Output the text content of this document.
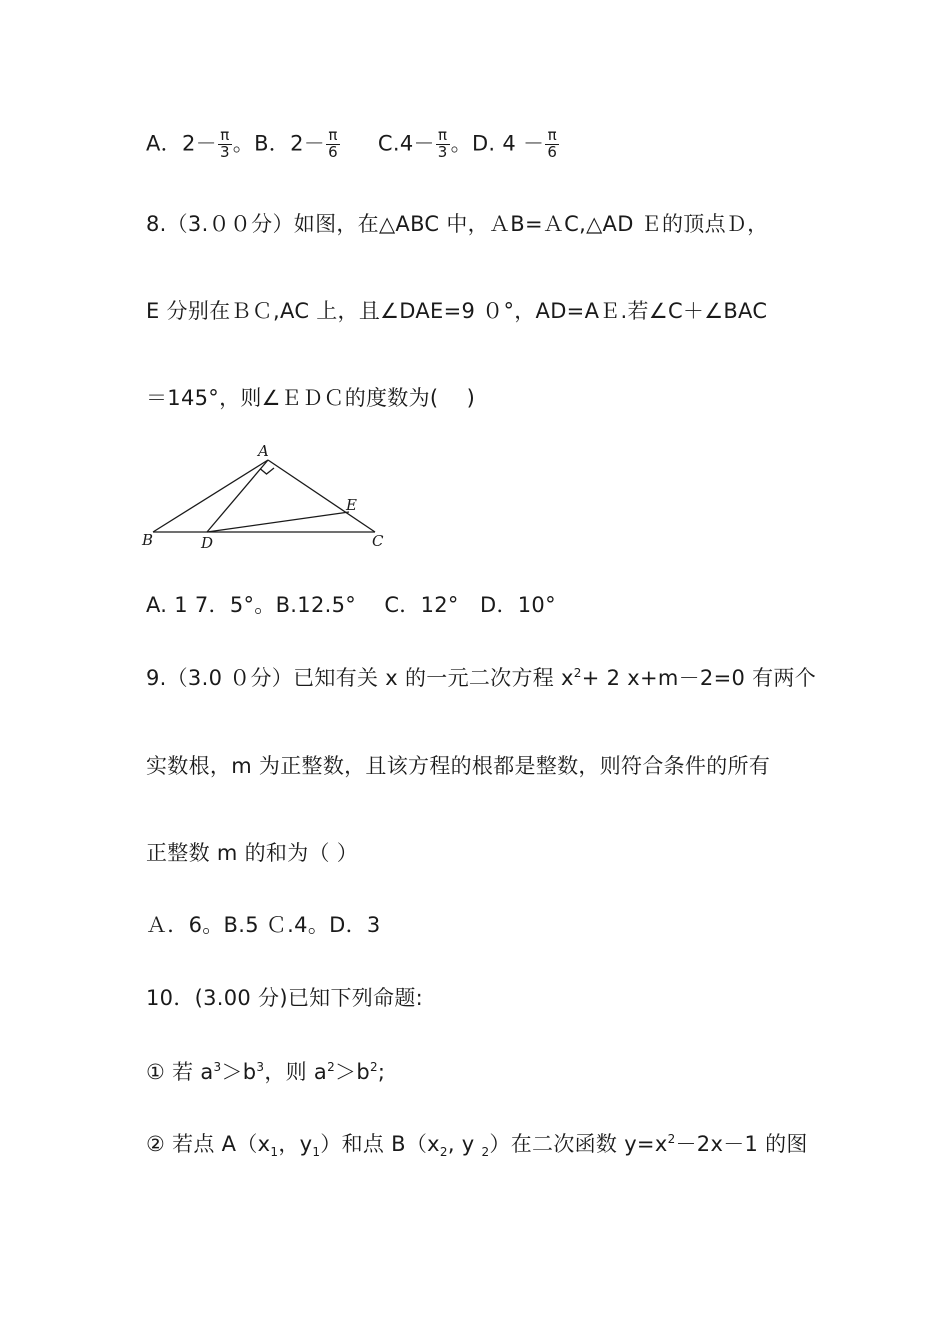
A．$2- \frac{\pi}{3}$ 。B．$2- \frac{\pi}{6} C.4- \frac{\pi}{3}$ 。D. $4 - \frac{\pi}{6}$
8.（3.００分）如图，在△ABC 中，ＡB=ＡC,△AD Ｅ的顶点Ｄ，
E 分别在ＢＣ,AC 上，且∠DAE=9 ０°，AD=AＥ.若∠C＋∠BAC
＝145°，则∠ＥＤＣ的度数为(　 )
A
B	C
D
E
A. 1 7．5°。B.12.5°　 C．12°　D．10°
9.（3.0 ０分）已知有关 x 的一元二次方程 $x^2+ 2$ x+m－2=0 有两个
实数根，m 为正整数，且该方程的根都是整数，则符合条件的所有
正整数 m 的和为（ ）
Ａ．6。B.5 Ｃ.4。D．3
10．(3.00 分)已知下列命题:
① 若 $a^3>b^3$，则 $a^2>b^2$;
② 若点 $A(x_1$，$y_1$）和点 $B(x_2$, y $_2$）在二次函数 $y=x^2-2x-1$ 的图
